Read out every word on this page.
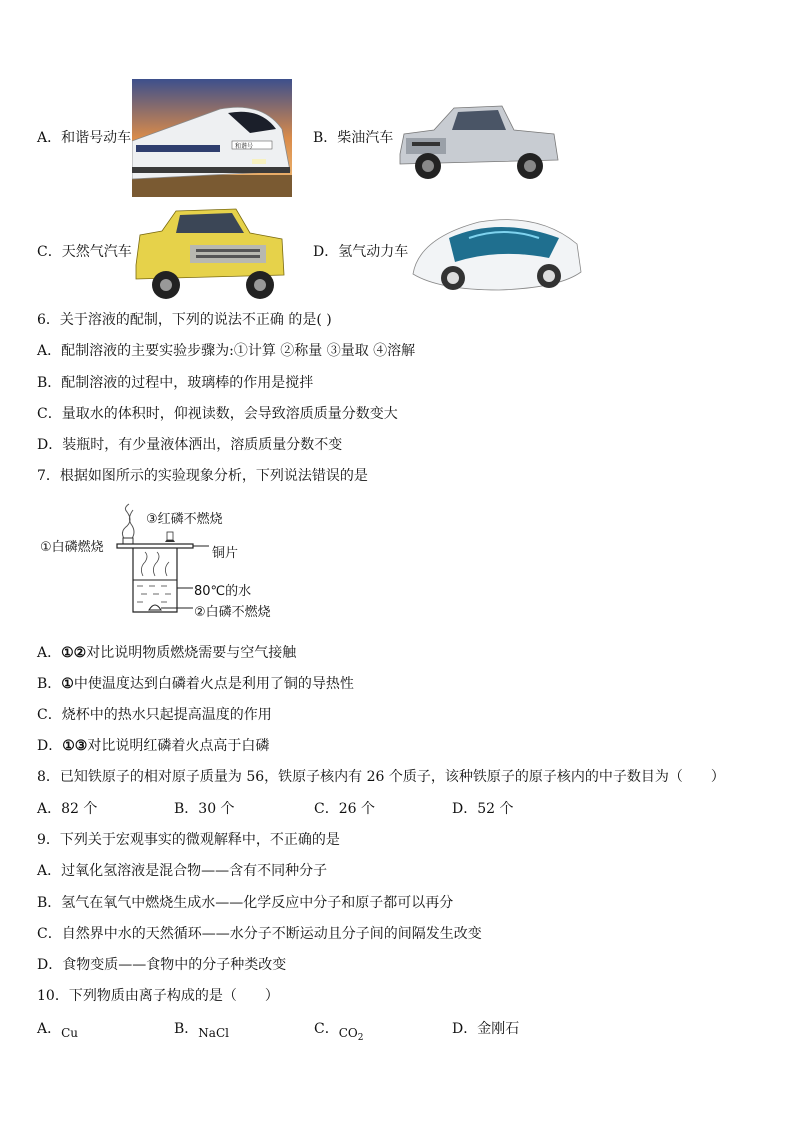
A．和谐号动车
和谐号
B．柴油汽车
C．天然气汽车	D．氢气动力车
6．关于溶液的配制，下列的说法不正确 的是( )
A．配制溶液的主要实验步骤为:①计算 ②称量 ③量取 ④溶解
B．配制溶液的过程中，玻璃棒的作用是搅拌
C．量取水的体积时，仰视读数，会导致溶质质量分数变大
D．装瓶时，有少量液体洒出，溶质质量分数不变
7．根据如图所示的实验现象分析，下列说法错误的是
①白磷燃烧
③红磷不燃烧
铜片
80℃的水
②白磷不燃烧
A．①②对比说明物质燃烧需要与空气接触
B．①中使温度达到白磷着火点是利用了铜的导热性
C．烧杯中的热水只起提高温度的作用
D．①③对比说明红磷着火点高于白磷
8．已知铁原子的相对原子质量为 56，铁原子核内有 26 个质子，该种铁原子的原子核内的中子数目为（　　）
A．82 个	B．30 个	C．26 个	D．52 个
9．下列关于宏观事实的微观解释中，不正确的是
A．过氧化氢溶液是混合物——含有不同种分子
B．氢气在氧气中燃烧生成水——化学反应中分子和原子都可以再分
C．自然界中水的天然循环——水分子不断运动且分子间的间隔发生改变
D．食物变质——食物中的分子种类改变
10．下列物质由离子构成的是（　　）
A．Cu	B．NaCl	C．$CO_2$
D．金刚石
